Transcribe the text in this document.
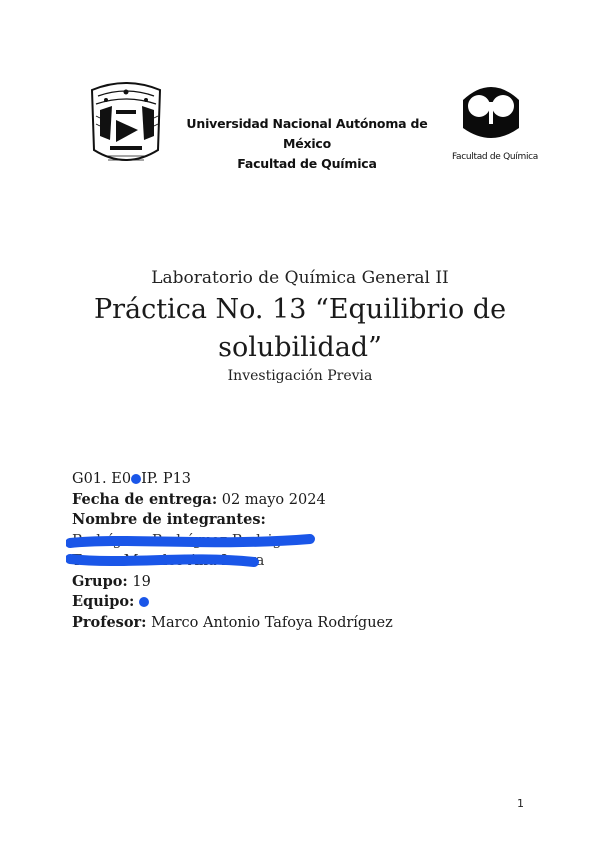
Universidad Nacional Autónoma de México
Facultad de Química	Facultad de Química
Laboratorio de Química General II
Práctica No. 13 “Equilibrio de solubilidad”
Investigación Previa
G01. E0 IP. P13
Fecha de entrega: 02 mayo 2024
Nombre de integrantes:
Rodríguez Rodríguez Rodrigo
Torres Morales Ana Laura
Grupo: 19
Equipo:
Profesor: Marco Antonio Tafoya Rodríguez
1
